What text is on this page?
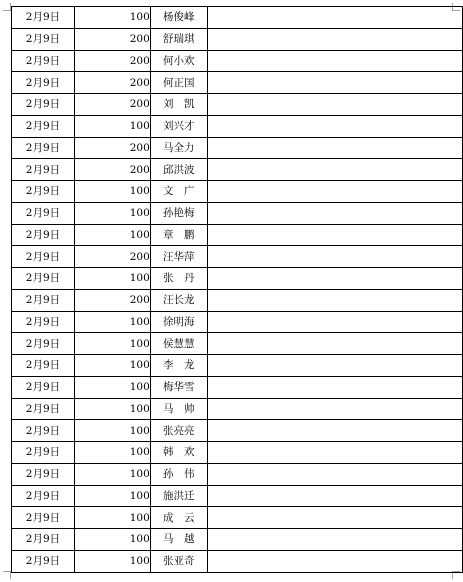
2月9日	100	杨俊峰	
2月9日	200	舒瑞琪	
2月9日	200	何小欢	
2月9日	200	何正国	
2月9日	200	刘　凯	
2月9日	100	刘兴才	
2月9日	200	马全力	
2月9日	200	邱洪波	
2月9日	100	文　广	
2月9日	100	孙艳梅	
2月9日	100	章　鹏	
2月9日	200	汪华萍	
2月9日	100	张　丹	
2月9日	200	汪长龙	
2月9日	100	徐明海	
2月9日	100	侯慧慧	
2月9日	100	李　龙	
2月9日	100	梅华雪	
2月9日	100	马　帅	
2月9日	100	张亮亮	
2月9日	100	韩　欢	
2月9日	100	孙　伟	
2月9日	100	施洪迁	
2月9日	100	成　云	
2月9日	100	马　越	
2月9日	100	张亚奇	
